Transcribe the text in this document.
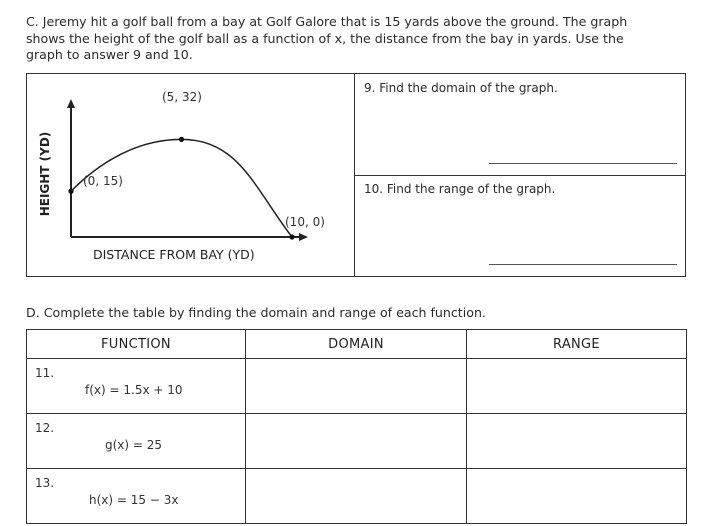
C. Jeremy hit a golf ball from a bay at Golf Galore that is 15 yards above the ground. The graph
shows the height of the golf ball as a function of x, the distance from the bay in yards. Use the
graph to answer 9 and 10.
(5, 32)
(0, 15)
(10, 0)
HEIGHT (YD)
DISTANCE FROM BAY (YD)
9. Find the domain of the graph.
10. Find the range of the graph.
D. Complete the table by finding the domain and range of each function.
FUNCTION	DOMAIN	RANGE

11.
f(x) = 1.5x + 10		

12.
g(x) = 25		

13.
h(x) = 15 − 3x		
